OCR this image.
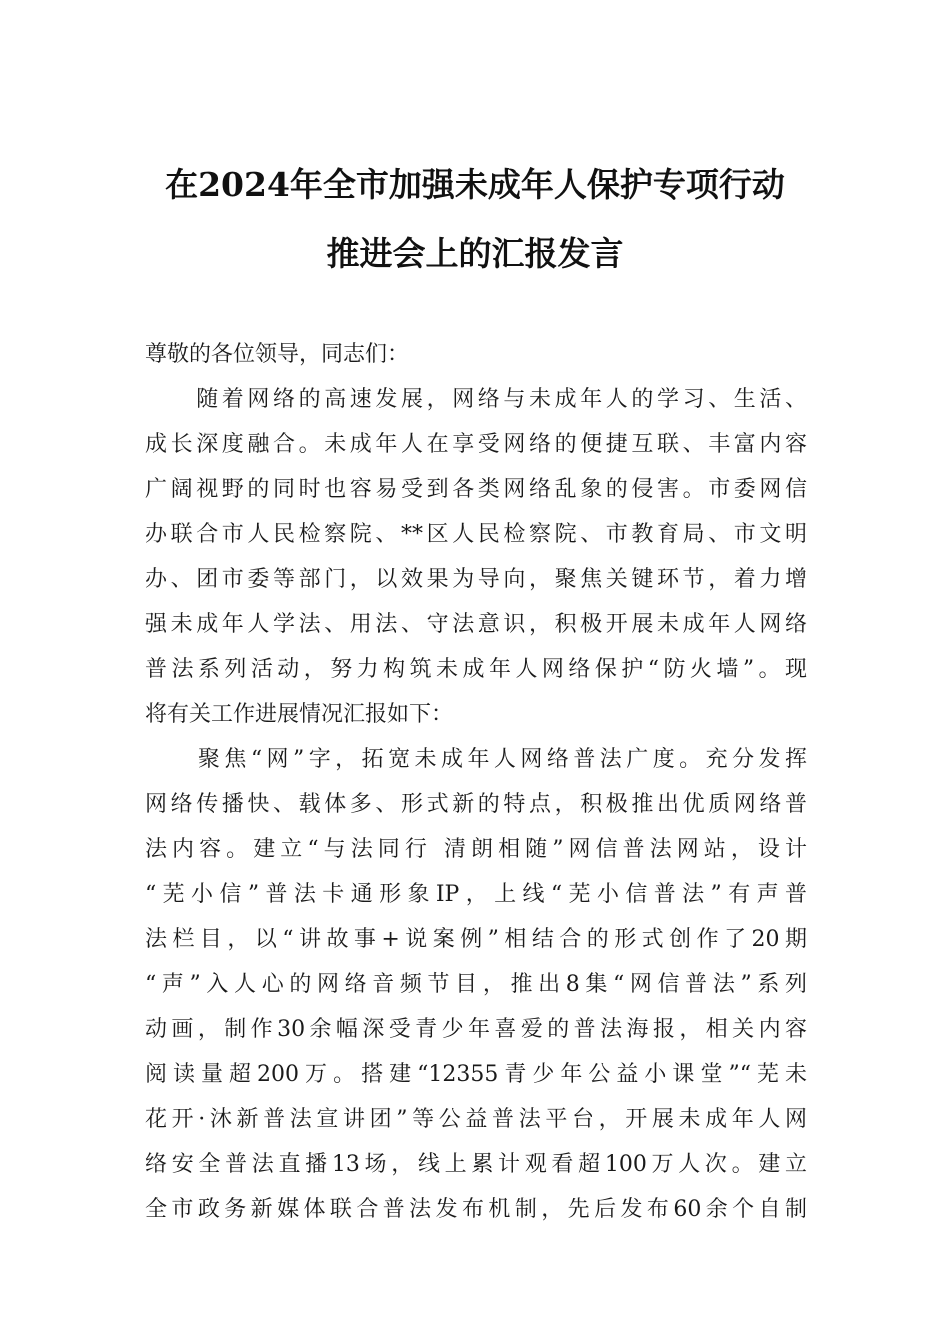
在2024年全市加强未成年人保护专项行动
推进会上的汇报发言
尊敬的各位领导，同志们：
　　随着网络的高速发展，网络与未成年人的学习、生活、
成长深度融合。未成年人在享受网络的便捷互联、丰富内容
广阔视野的同时也容易受到各类网络乱象的侵害。市委网信
办联合市人民检察院、**区人民检察院、市教育局、市文明
办、团市委等部门，以效果为导向，聚焦关键环节，着力增
强未成年人学法、用法、守法意识，积极开展未成年人网络
普法系列活动，努力构筑未成年人网络保护“防火墙”。现
将有关工作进展情况汇报如下：
　　聚焦“网”字，拓宽未成年人网络普法广度。充分发挥
网络传播快、载体多、形式新的特点，积极推出优质网络普
法内容。建立“与法同行 清朗相随”网信普法网站，设计
“芜小信”普法卡通形象IP，上线“芜小信普法”有声普
法栏目，以“讲故事+说案例”相结合的形式创作了20期
“声”入人心的网络音频节目，推出8集“网信普法”系列
动画，制作30余幅深受青少年喜爱的普法海报，相关内容
阅读量超200万。搭建“12355青少年公益小课堂”“芜未
花开·沐新普法宣讲团”等公益普法平台，开展未成年人网
络安全普法直播13场，线上累计观看超100万人次。建立
全市政务新媒体联合普法发布机制，先后发布60余个自制
